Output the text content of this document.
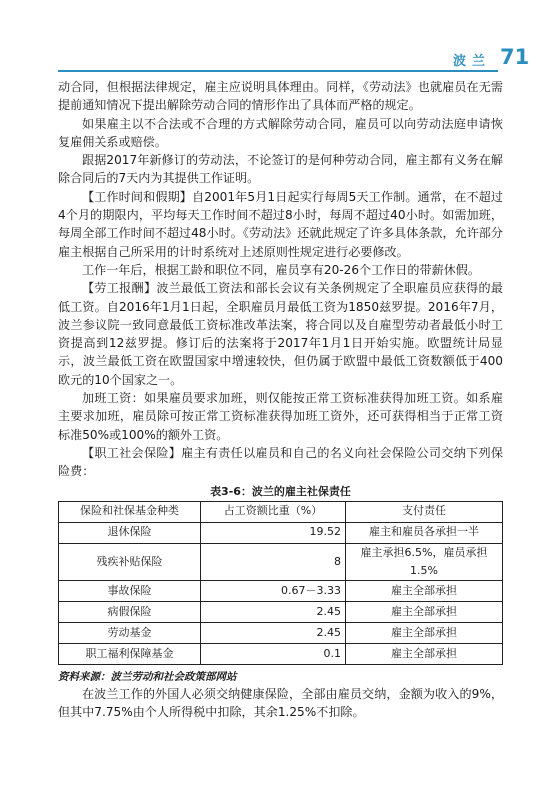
波兰 71

动合同，但根据法律规定，雇主应说明具体理由。同样，《劳动法》也就雇员在无需提前通知情况下提出解除劳动合同的情形作出了具体而严格的规定。

如果雇主以不合法或不合理的方式解除劳动合同，雇员可以向劳动法庭申请恢复雇佣关系或赔偿。

跟据2017年新修订的劳动法，不论签订的是何种劳动合同，雇主都有义务在解除合同后的7天内为其提供工作证明。

【工作时间和假期】自2001年5月1日起实行每周5天工作制。通常，在不超过4个月的期限内，平均每天工作时间不超过8小时，每周不超过40小时。如需加班，每周全部工作时间不超过48小时。《劳动法》还就此规定了许多具体条款，允许部分雇主根据自己所采用的计时系统对上述原则性规定进行必要修改。

工作一年后，根据工龄和职位不同，雇员享有20-26个工作日的带薪休假。

【劳工报酬】波兰最低工资法和部长会议有关条例规定了全职雇员应获得的最低工资。自2016年1月1日起，全职雇员月最低工资为1850兹罗提。2016年7月，波兰参议院一致同意最低工资标准改革法案，将合同以及自雇型劳动者最低小时工资提高到12兹罗提。修订后的法案将于2017年1月1日开始实施。欧盟统计局显示，波兰最低工资在欧盟国家中增速较快，但仍属于欧盟中最低工资数额低于400欧元的10个国家之一。

加班工资：如果雇员要求加班，则仅能按正常工资标准获得加班工资。如系雇主要求加班，雇员除可按正常工资标准获得加班工资外，还可获得相当于正常工资标准50%或100%的额外工资。

【职工社会保险】雇主有责任以雇员和自己的名义向社会保险公司交纳下列保险费：

表3-6：波兰的雇主社保责任
保险和社保基金种类	占工资额比重（%）	支付责任
退休保险	19.52	雇主和雇员各承担一半
残疾补贴保险	8	雇主承担6.5%，雇员承担1.5%
事故保险	0.67－3.33	雇主全部承担
病假保险	2.45	雇主全部承担
劳动基金	2.45	雇主全部承担
职工福利保障基金	0.1	雇主全部承担
资料来源：波兰劳动和社会政策部网站

在波兰工作的外国人必须交纳健康保险，全部由雇员交纳，金额为收入的9%，但其中7.75%由个人所得税中扣除，其余1.25%不扣除。
